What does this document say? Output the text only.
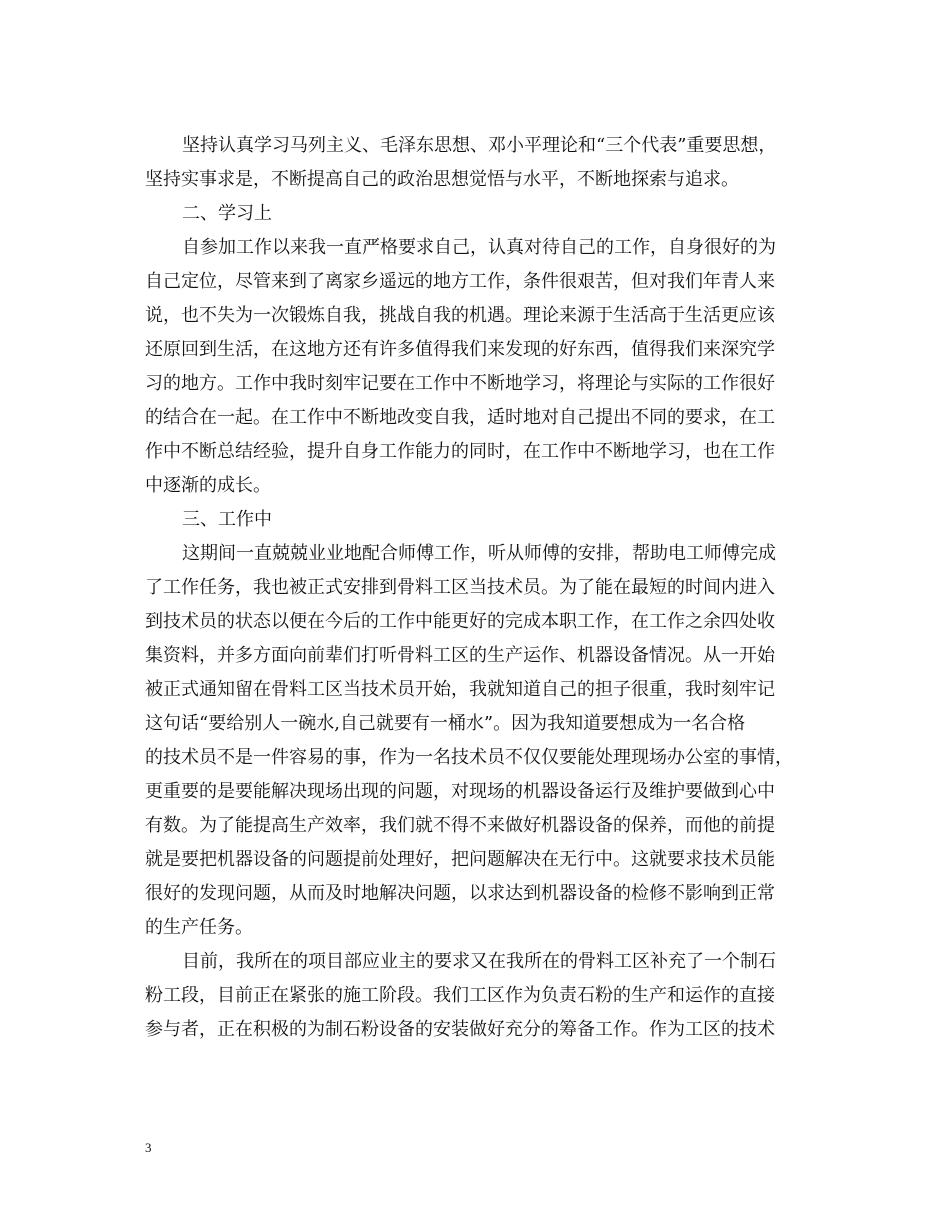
坚持认真学习马列主义、毛泽东思想、邓小平理论和“三个代表”重要思想，
坚持实事求是，不断提高自己的政治思想觉悟与水平，不断地探索与追求。
二、学习上
自参加工作以来我一直严格要求自己，认真对待自己的工作，自身很好的为
自己定位，尽管来到了离家乡遥远的地方工作，条件很艰苦，但对我们年青人来
说，也不失为一次锻炼自我，挑战自我的机遇。理论来源于生活高于生活更应该
还原回到生活，在这地方还有许多值得我们来发现的好东西，值得我们来深究学
习的地方。工作中我时刻牢记要在工作中不断地学习，将理论与实际的工作很好
的结合在一起。在工作中不断地改变自我，适时地对自己提出不同的要求，在工
作中不断总结经验，提升自身工作能力的同时，在工作中不断地学习，也在工作
中逐渐的成长。
三、工作中
这期间一直兢兢业业地配合师傅工作，听从师傅的安排，帮助电工师傅完成
了工作任务，我也被正式安排到骨料工区当技术员。为了能在最短的时间内进入
到技术员的状态以便在今后的工作中能更好的完成本职工作，在工作之余四处收
集资料，并多方面向前辈们打听骨料工区的生产运作、机器设备情况。从一开始
被正式通知留在骨料工区当技术员开始，我就知道自己的担子很重，我时刻牢记
这句话“要给别人一碗水,自己就要有一桶水”。因为我知道要想成为一名合格
的技术员不是一件容易的事，作为一名技术员不仅仅要能处理现场办公室的事情，
更重要的是要能解决现场出现的问题，对现场的机器设备运行及维护要做到心中
有数。为了能提高生产效率，我们就不得不来做好机器设备的保养，而他的前提
就是要把机器设备的问题提前处理好，把问题解决在无行中。这就要求技术员能
很好的发现问题，从而及时地解决问题，以求达到机器设备的检修不影响到正常
的生产任务。
目前，我所在的项目部应业主的要求又在我所在的骨料工区补充了一个制石
粉工段，目前正在紧张的施工阶段。我们工区作为负责石粉的生产和运作的直接
参与者，正在积极的为制石粉设备的安装做好充分的筹备工作。作为工区的技术
3
